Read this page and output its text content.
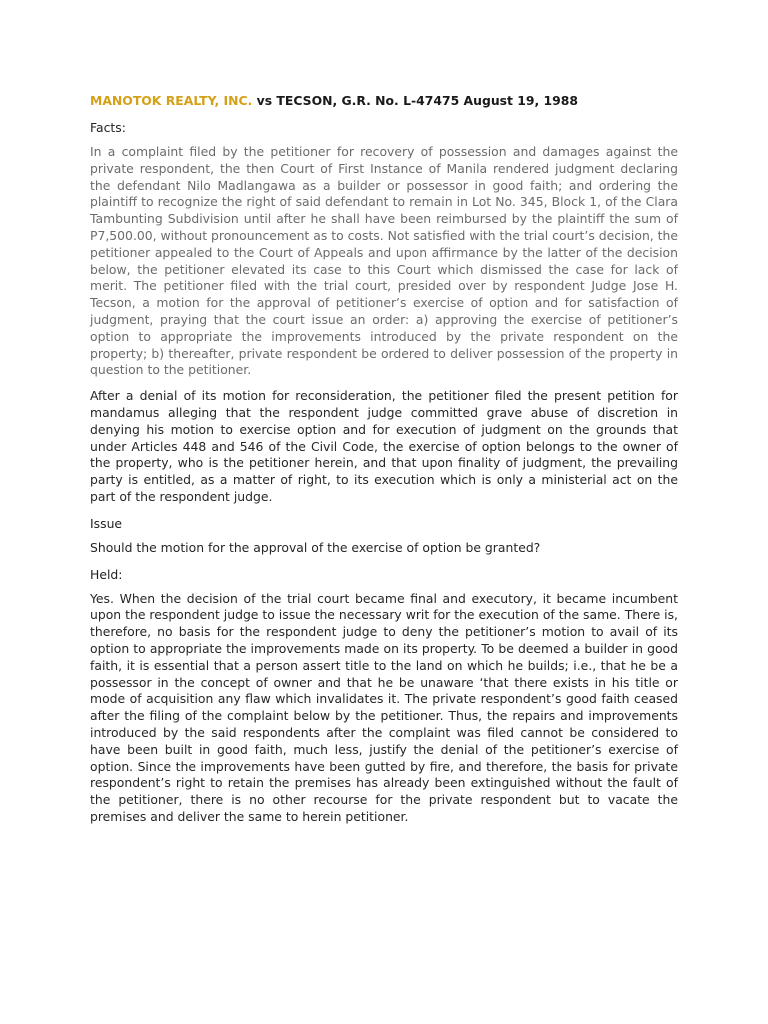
MANOTOK REALTY, INC. vs TECSON, G.R. No. L-47475 August 19, 1988
Facts:

In a complaint filed by the petitioner for recovery of possession and damages against the private respondent, the then Court of First Instance of Manila rendered judgment declaring the defendant Nilo Madlangawa as a builder or possessor in good faith; and ordering the plaintiff to recognize the right of said defendant to remain in Lot No. 345, Block 1, of the Clara Tambunting Subdivision until after he shall have been reimbursed by the plaintiff the sum of P7,500.00, without pronouncement as to costs. Not satisfied with the trial court’s decision, the petitioner appealed to the Court of Appeals and upon affirmance by the latter of the decision below, the petitioner elevated its case to this Court which dismissed the case for lack of merit. The petitioner filed with the trial court, presided over by respondent Judge Jose H. Tecson, a motion for the approval of petitioner’s exercise of option and for satisfaction of judgment, praying that the court issue an order: a) approving the exercise of petitioner’s option to appropriate the improvements introduced by the private respondent on the property; b) thereafter, private respondent be ordered to deliver possession of the property in question to the petitioner.

After a denial of its motion for reconsideration, the petitioner filed the present petition for mandamus alleging that the respondent judge committed grave abuse of discretion in denying his motion to exercise option and for execution of judgment on the grounds that under Articles 448 and 546 of the Civil Code, the exercise of option belongs to the owner of the property, who is the petitioner herein, and that upon finality of judgment, the prevailing party is entitled, as a matter of right, to its execution which is only a ministerial act on the part of the respondent judge.

Issue

Should the motion for the approval of the exercise of option be granted?

Held:

Yes. When the decision of the trial court became final and executory, it became incumbent upon the respondent judge to issue the necessary writ for the execution of the same. There is, therefore, no basis for the respondent judge to deny the petitioner’s motion to avail of its option to appropriate the improvements made on its property. To be deemed a builder in good faith, it is essential that a person assert title to the land on which he builds; i.e., that he be a possessor in the concept of owner and that he be unaware ‘that there exists in his title or mode of acquisition any flaw which invalidates it. The private respondent’s good faith ceased after the filing of the complaint below by the petitioner. Thus, the repairs and improvements introduced by the said respondents after the complaint was filed cannot be considered to have been built in good faith, much less, justify the denial of the petitioner’s exercise of option. Since the improvements have been gutted by fire, and therefore, the basis for private respondent’s right to retain the premises has already been extinguished without the fault of the petitioner, there is no other recourse for the private respondent but to vacate the premises and deliver the same to herein petitioner.
